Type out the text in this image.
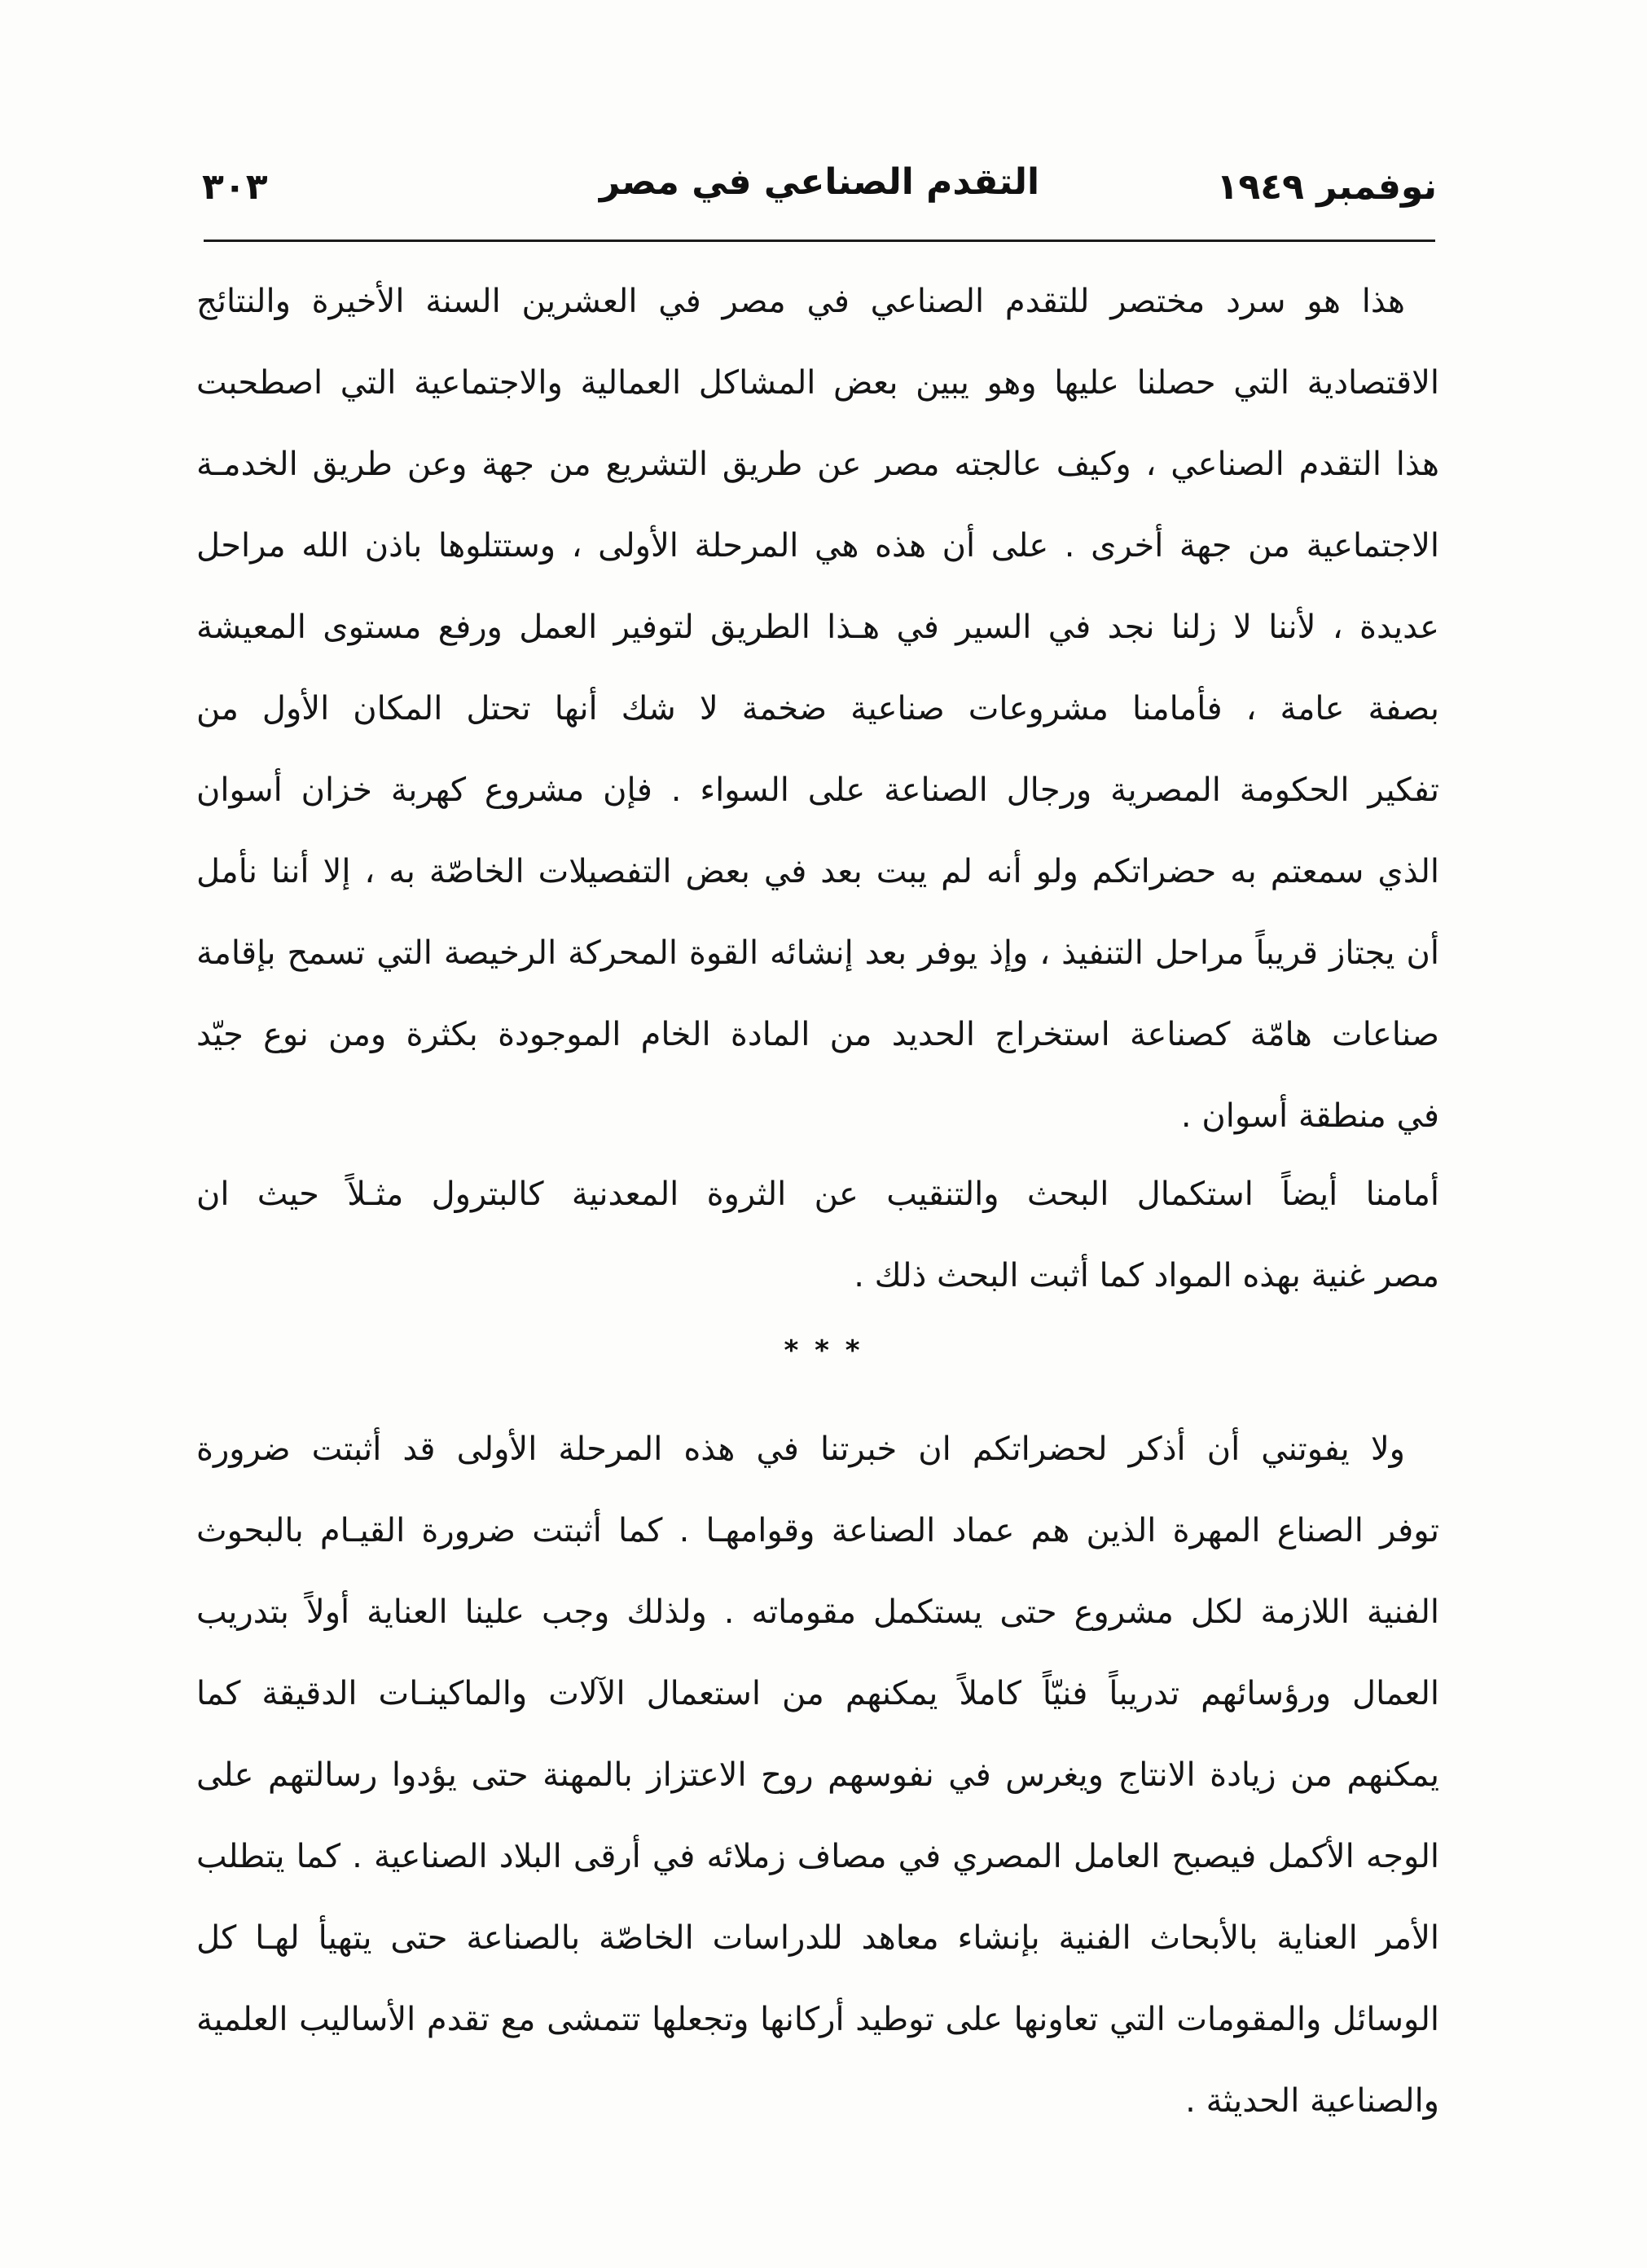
نوفمبر ١٩٤٩
التقدم الصناعي في مصر
٣٠٣
هذا هو سرد مختصر للتقدم الصناعي في مصر في العشرين السنة الأخيرة والنتائج
الاقتصادية التي حصلنا عليها وهو يبين بعض المشاكل العمالية والاجتماعية التي اصطحبت
هذا التقدم الصناعي ، وكيف عالجته مصر عن طريق التشريع من جهة وعن طريق الخدمـة
الاجتماعية من جهة أخرى . على أن هذه هي المرحلة الأولى ، وستتلوها باذن الله مراحل
عديدة ، لأننا لا زلنا نجد في السير في هـذا الطريق لتوفير العمل ورفع مستوى المعيشة
بصفة عامة ، فأمامنا مشروعات صناعية ضخمة لا شك أنها تحتل المكان الأول من
تفكير الحكومة المصرية ورجال الصناعة على السواء . فإن مشروع كهربة خزان أسوان
الذي سمعتم به حضراتكم ولو أنه لم يبت بعد في بعض التفصيلات الخاصّة به ، إلا أننا نأمل
أن يجتاز قريباً مراحل التنفيذ ، وإذ يوفر بعد إنشائه القوة المحركة الرخيصة التي تسمح بإقامة
صناعات هامّة كصناعة استخراج الحديد من المادة الخام الموجودة بكثرة ومن نوع جيّد
في منطقة أسوان .
أمامنا أيضاً استكمال البحث والتنقيب عن الثروة المعدنية كالبترول مثـلاً حيث ان
مصر غنية بهذه المواد كما أثبت البحث ذلك .
* * *
ولا يفوتني أن أذكر لحضراتكم ان خبرتنا في هذه المرحلة الأولى قد أثبتت ضرورة
توفر الصناع المهرة الذين هم عماد الصناعة وقوامهـا . كما أثبتت ضرورة القيـام بالبحوث
الفنية اللازمة لكل مشروع حتى يستكمل مقوماته . ولذلك وجب علينا العناية أولاً بتدريب
العمال ورؤسائهم تدريباً فنيّاً كاملاً يمكنهم من استعمال الآلات والماكينـات الدقيقة كما
يمكنهم من زيادة الانتاج ويغرس في نفوسهم روح الاعتزاز بالمهنة حتى يؤدوا رسالتهم على
الوجه الأكمل فيصبح العامل المصري في مصاف زملائه في أرقى البلاد الصناعية . كما يتطلب
الأمر العناية بالأبحاث الفنية بإنشاء معاهد للدراسات الخاصّة بالصناعة حتى يتهيأ لهـا كل
الوسائل والمقومات التي تعاونها على توطيد أركانها وتجعلها تتمشى مع تقدم الأساليب العلمية
والصناعية الحديثة .
